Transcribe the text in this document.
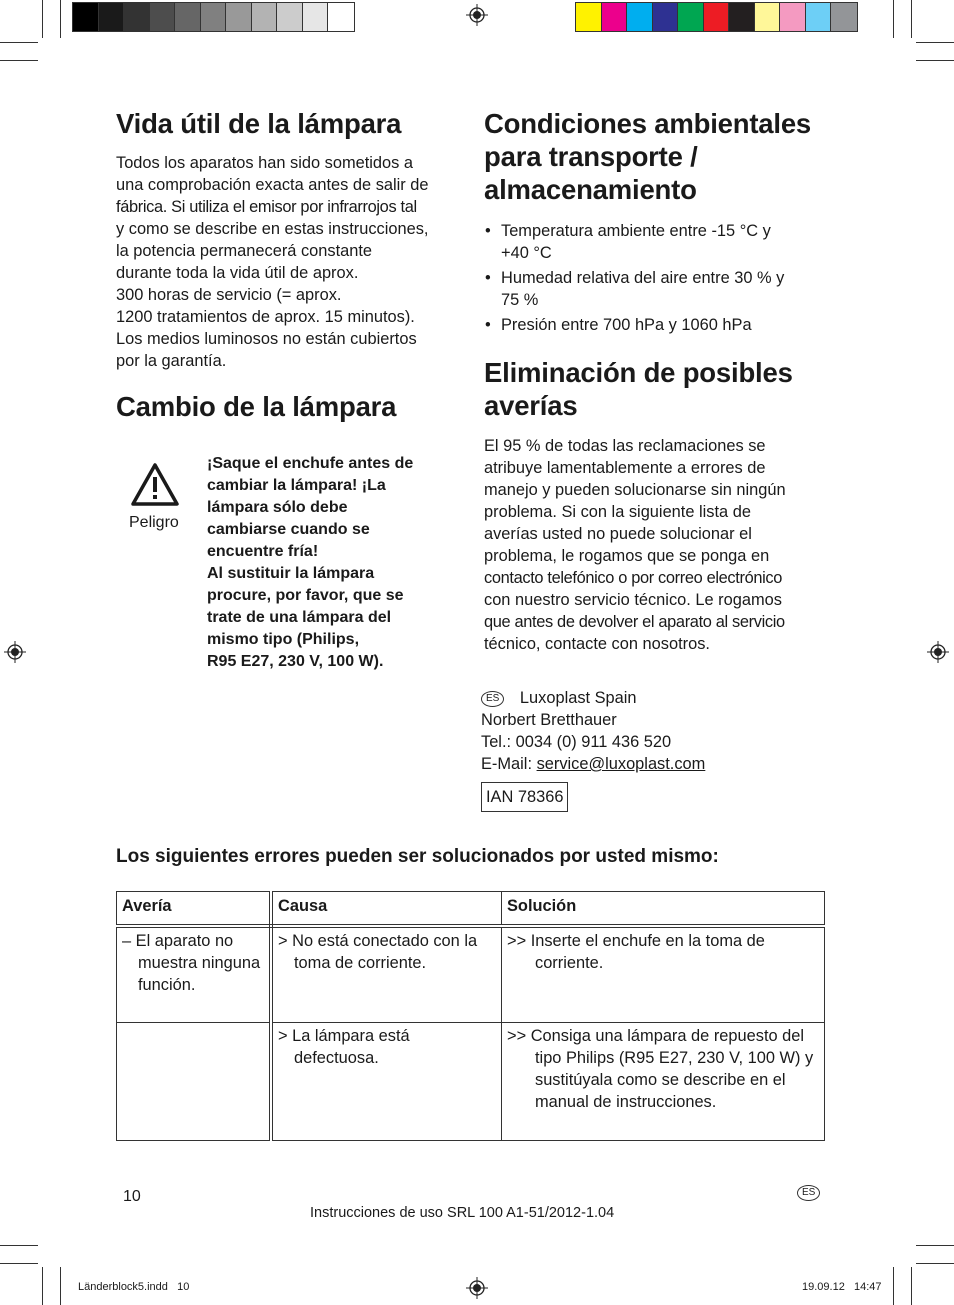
Vida útil de la lámpara
Todos los aparatos han sido sometidos a
una comprobación exacta antes de salir de
fábrica. Si utiliza el emisor por infrarrojos tal
y como se describe en estas instrucciones,
la potencia permanecerá constante
durante toda la vida útil de aprox.
300 horas de servicio (= aprox.
1200 tratamientos de aprox. 15 minutos).
Los medios luminosos no están cubiertos
por la garantía.
Cambio de la lámpara
Peligro
¡Saque el enchufe antes de
cambiar la lámpara! ¡La
lámpara sólo debe
cambiarse cuando se
encuentre fría!
Al sustituir la lámpara
procure, por favor, que se
trate de una lámpara del
mismo tipo (Philips,
R95 E27, 230 V, 100 W).
Condiciones ambientales
para transporte /
almacenamiento
• Temperatura ambiente entre -15 °C y
+40 °C
• Humedad relativa del aire entre 30 % y
75 %
• Presión entre 700 hPa y 1060 hPa
Eliminación de posibles
averías
El 95 % de todas las reclamaciones se
atribuye lamentablemente a errores de
manejo y pueden solucionarse sin ningún
problema. Si con la siguiente lista de
averías usted no puede solucionar el
problema, le rogamos que se ponga en
contacto telefónico o por correo electrónico
con nuestro servicio técnico. Le rogamos
que antes de devolver el aparato al servicio
técnico, contacte con nosotros.
ES Luxoplast Spain
Norbert Bretthauer
Tel.: 0034 (0) 911 436 520
E-Mail: service@luxoplast.com
IAN 78366
Los siguientes errores pueden ser solucionados por usted mismo:
Avería	Causa	Solución

– El aparato no muestra ninguna función.	> No está conectado con la toma de corriente.	>> Inserte el enchufe en la toma de corriente.

	> La lámpara está defectuosa.	>> Consiga una lámpara de repuesto del tipo Philips (R95 E27, 230 V, 100 W) y sustitúyala como se describe en el manual de instrucciones.
10	ES
Instrucciones de uso SRL 100 A1-51/2012-1.04
Länderblock5.indd   10	19.09.12   14:47
